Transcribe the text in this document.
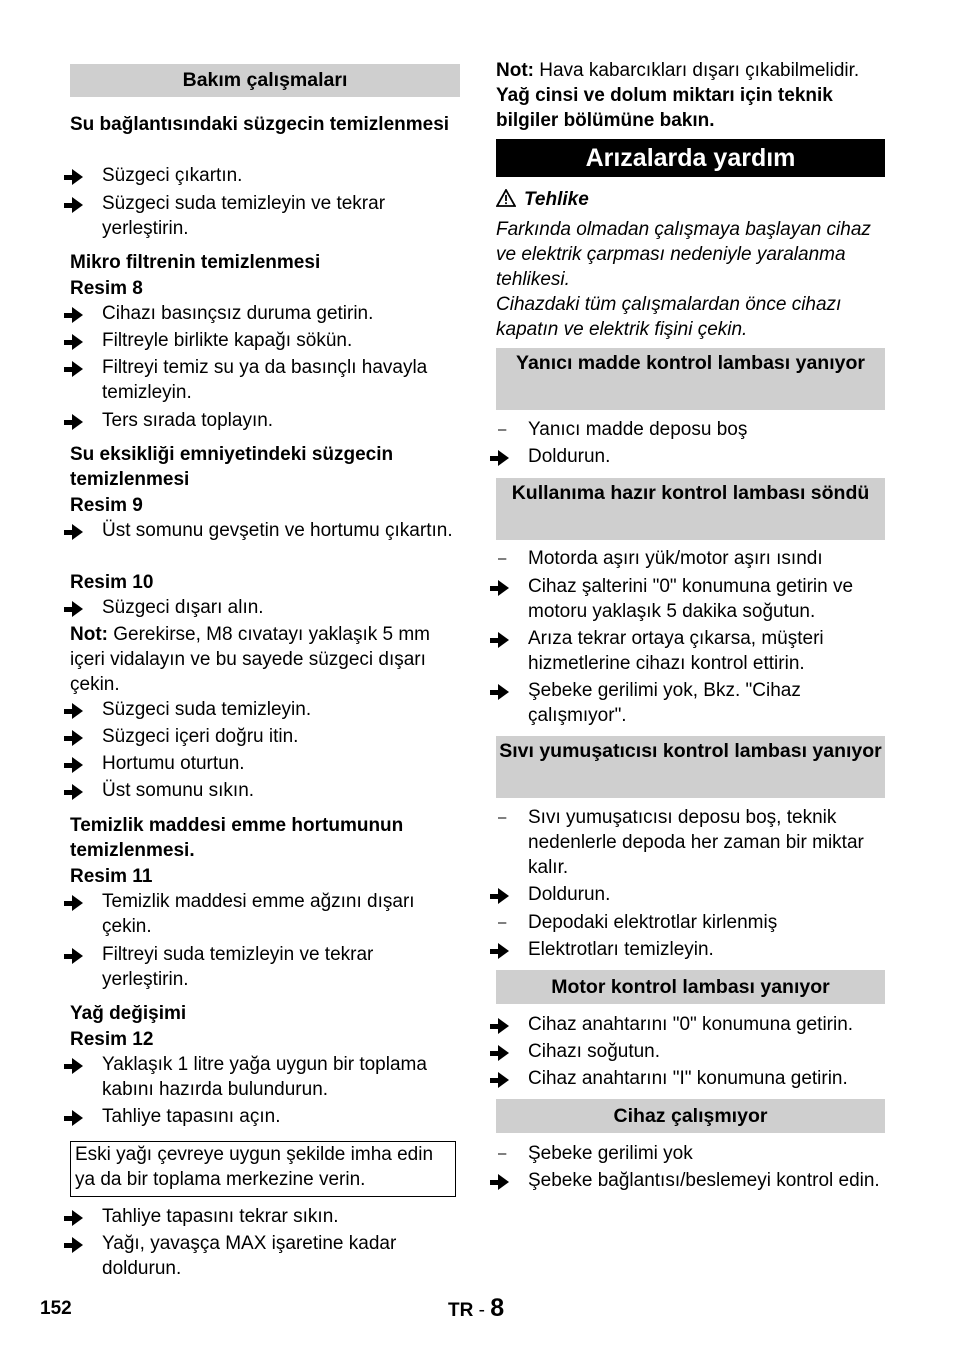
Bakım çalışmaları
Su bağlantısındaki süzgecin temizlenmesi
Süzgeci çıkartın.
Süzgeci suda temizleyin ve tekrar yerleştirin.
Mikro filtrenin temizlenmesi
Resim 8
Cihazı basınçsız duruma getirin.
Filtreyle birlikte kapağı sökün.
Filtreyi temiz su ya da basınçlı havayla temizleyin.
Ters sırada toplayın.
Su eksikliği emniyetindeki süzgecin temizlenmesi
Resim 9
Üst somunu gevşetin ve hortumu çıkartın.
Resim 10
Süzgeci dışarı alın.
Not: Gerekirse, M8 cıvatayı yaklaşık 5 mm içeri vidalayın ve bu sayede süzgeci dışarı çekin.
Süzgeci suda temizleyin.
Süzgeci içeri doğru itin.
Hortumu oturtun.
Üst somunu sıkın.
Temizlik maddesi emme hortumunun temizlenmesi.
Resim 11
Temizlik maddesi emme ağzını dışarı çekin.
Filtreyi suda temizleyin ve tekrar yerleştirin.
Yağ değişimi
Resim 12
Yaklaşık 1 litre yağa uygun bir toplama kabını hazırda bulundurun.
Tahliye tapasını açın.
Eski yağı çevreye uygun şekilde imha edin ya da bir toplama merkezine verin.
Tahliye tapasını tekrar sıkın.
Yağı, yavaşça MAX işaretine kadar doldurun.
Not: Hava kabarcıkları dışarı çıkabilmelidir.
Yağ cinsi ve dolum miktarı için teknik bilgiler bölümüne bakın.
Arızalarda yardım
Tehlike
Farkında olmadan çalışmaya başlayan cihaz ve elektrik çarpması nedeniyle yaralanma tehlikesi.
Cihazdaki tüm çalışmalardan önce cihazı kapatın ve elektrik fişini çekin.
Yanıcı madde kontrol lambası yanıyor
–	Yanıcı madde deposu boş
Doldurun.
Kullanıma hazır kontrol lambası söndü
–	Motorda aşırı yük/motor aşırı ısındı
Cihaz şalterini "0" konumuna getirin ve motoru yaklaşık 5 dakika soğutun.
Arıza tekrar ortaya çıkarsa, müşteri hizmetlerine cihazı kontrol ettirin.
Şebeke gerilimi yok, Bkz. "Cihaz çalışmıyor".
Sıvı yumuşatıcısı kontrol lambası yanıyor
–	Sıvı yumuşatıcısı deposu boş, teknik nedenlerle depoda her zaman bir miktar kalır.
Doldurun.
–	Depodaki elektrotlar kirlenmiş
Elektrotları temizleyin.
Motor kontrol lambası yanıyor
Cihaz anahtarını "0" konumuna getirin.
Cihazı soğutun.
Cihaz anahtarını "I" konumuna getirin.
Cihaz çalışmıyor
–	Şebeke gerilimi yok
Şebeke bağlantısı/beslemeyi kontrol edin.
152	TR - 8
